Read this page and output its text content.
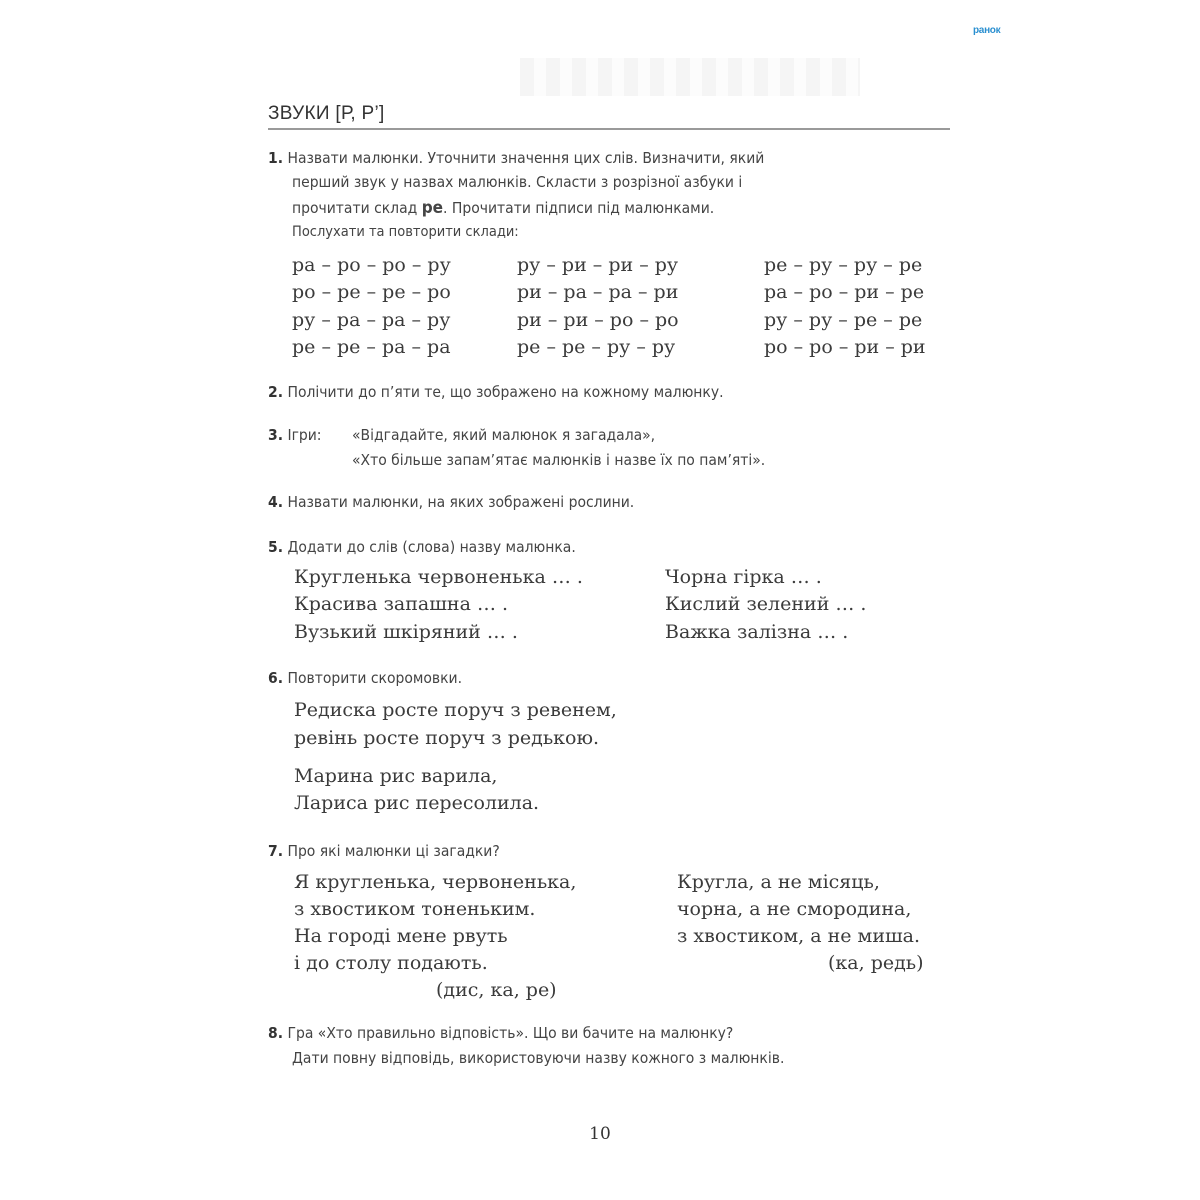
ранок
ЗВУКИ [Р, Р’]
1. Назвати малюнки. Уточнити значення цих слів. Визначити, який
перший звук у назвах малюнків. Скласти з розрізної азбуки і
прочитати склад ре. Прочитати підписи під малюнками.
Послухати та повторити склади:
ра – ро – ро – ру	ру – ри – ри – ру	ре – ру – ру – ре
ро – ре – ре – ро	ри – ра – ра – ри	ра – ро – ри – ре
ру – ра – ра – ру	ри – ри – ро – ро	ру – ру – ре – ре
ре – ре – ра – ра	ре – ре – ру – ру	ро – ро – ри – ри
2. Полічити до п’яти те, що зображено на кожному малюнку.
3. Ігри: «Відгадайте, який малюнок я загадала»,
«Хто більше запам’ятає малюнків і назве їх по пам’яті».
4. Назвати малюнки, на яких зображені рослини.
5. Додати до слів (слова) назву малюнка.
Кругленька червоненька … .
Красива запашна … .
Вузький шкіряний … .
Чорна гірка … .
Кислий зелений … .
Важка залізна … .
6. Повторити скоромовки.
Редиска росте поруч з ревенем,
ревінь росте поруч з редькою.
Марина рис варила,
Лариса рис пересолила.
7. Про які малюнки ці загадки?
Я кругленька, червоненька,
з хвостиком тоненьким.
На городі мене рвуть
і до столу подають.
(дис, ка, ре)
Кругла, а не місяць,
чорна, а не смородина,
з хвостиком, а не миша.
(ка, редь)
8. Гра «Хто правильно відповість». Що ви бачите на малюнку?
Дати повну відповідь, використовуючи назву кожного з малюнків.
10
